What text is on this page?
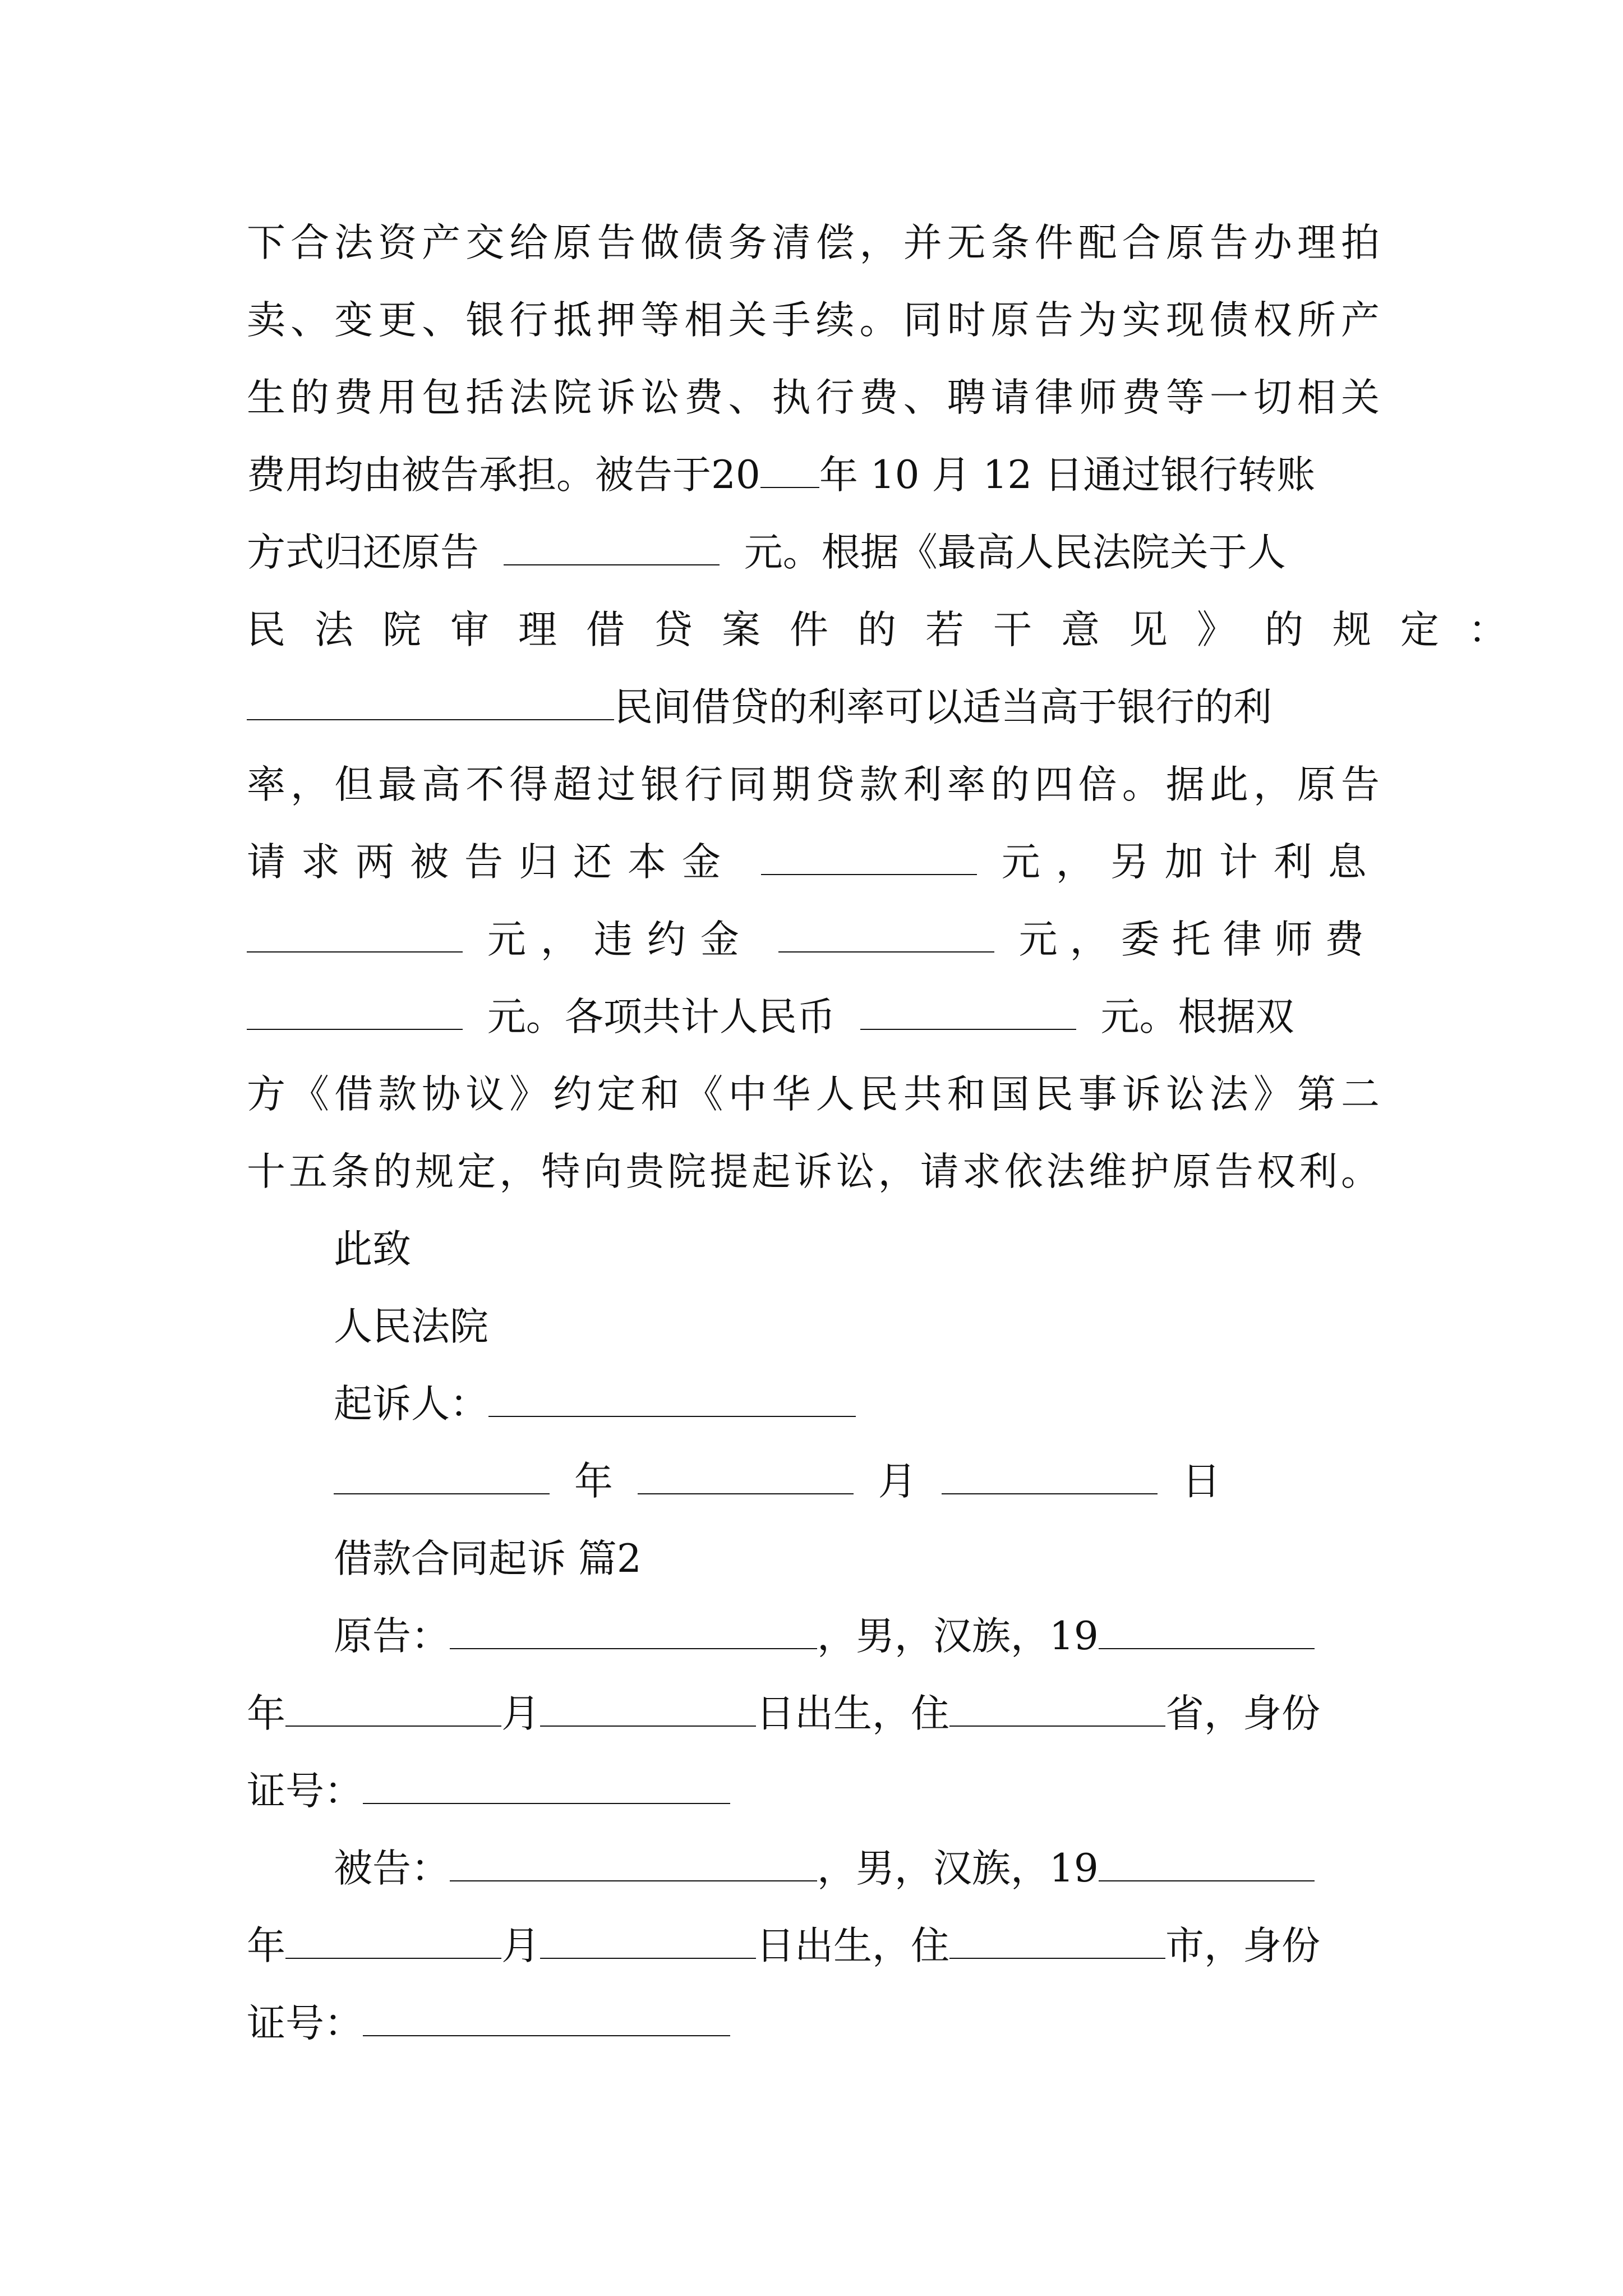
下合法资产交给原告做债务清偿，并无条件配合原告办理拍
卖、变更、银行抵押等相关手续。同时原告为实现债权所产
生的费用包括法院诉讼费、执行费、聘请律师费等一切相关
费用均由被告承担。被告于20 年 10 月 12 日通过银行转账
方式归还原告	元。根据《最高人民法院关于人
民法院审理借贷案件的若干意见》的规定：
民间借贷的利率可以适当高于银行的利
率，但最高不得超过银行同期贷款利率的四倍。据此，原告
请求两被告归还本金	元，另加计利息
元，违约金	元，委托律师费
元。各项共计人民币	元。根据双
方《借款协议》约定和《中华人民共和国民事诉讼法》第二
十五条的规定，特向贵院提起诉讼，请求依法维护原告权利。
此致
人民法院
起诉人：
年	月	日
借款合同起诉 篇2
原告：	，男，汉族，19
年	月	日出生，住	省，身份
证号：
被告：	，男，汉族，19
年	月	日出生，住	市，身份
证号：
